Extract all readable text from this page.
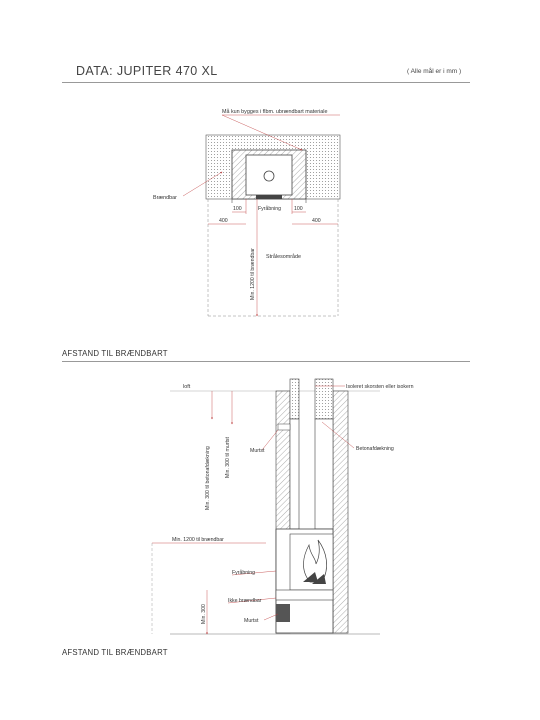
DATA: JUPITER 470 XL	( Alle mål er i mm )
AFSTAND TIL BRÆNDBART
AFSTAND TIL BRÆNDBART
Må kun bygges i flbm. ubrændbart materiale
Brændbar
100	100
Fyråbning
400	400
Min. 1200 til brændbar Strålesområde
loft	Isoleret skorsten eller isokern
Betonafdækning
Murtst
Min. 300 til murtst
Min. 300 til betonafdækning
Min. 1200 til brændbar
Fyråbning
Ikke brændbar
Min. 300	Murtst
